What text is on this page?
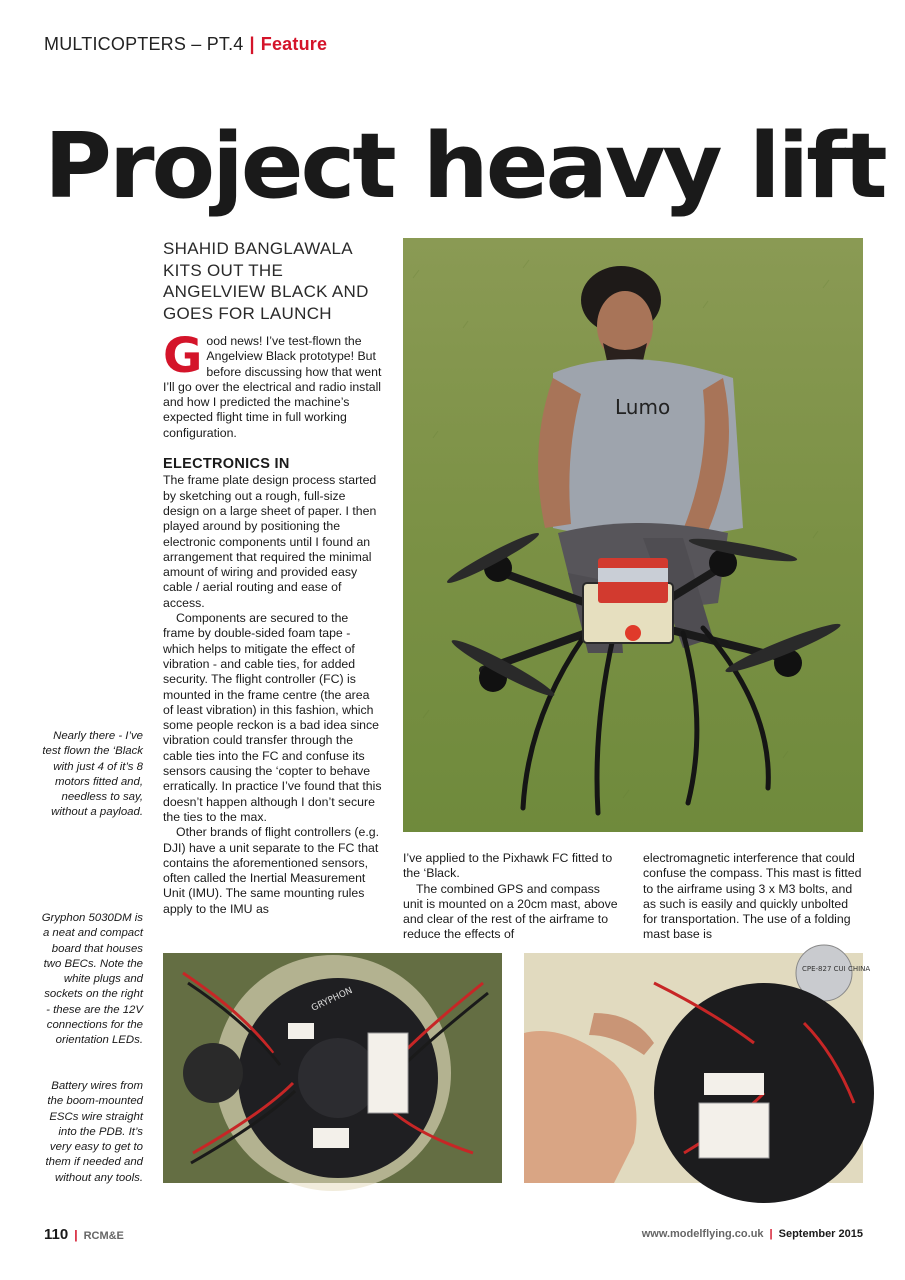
MULTICOPTERS – PT.4 | Feature
Project heavy lift
SHAHID BANGLAWALA KITS OUT THE ANGELVIEW BLACK AND GOES FOR LAUNCH
Lumo

Good news! I’ve test-flown the Angelview Black prototype! But before discussing how that went I’ll go over the electrical and radio install and how I predicted the machine’s expected flight time in full working configuration.

ELECTRONICS IN

The frame plate design process started by sketching out a rough, full-size design on a large sheet of paper. I then played around by positioning the electronic components until I found an arrangement that required the minimal amount of wiring and provided easy cable / aerial routing and ease of access.

Components are secured to the frame by double-sided foam tape - which helps to mitigate the effect of vibration - and cable ties, for added security. The flight controller (FC) is mounted in the frame centre (the area of least vibration) in this fashion, which some people reckon is a bad idea since vibration could transfer through the cable ties into the FC and confuse its sensors causing the ‘copter to behave erratically. In practice I’ve found that this doesn’t happen although I don’t secure the ties to the max.

Other brands of flight controllers (e.g. DJI) have a unit separate to the FC that contains the aforementioned sensors, often called the Inertial Measurement Unit (IMU). The same mounting rules apply to the IMU as

I’ve applied to the Pixhawk FC fitted to the ‘Black.

The combined GPS and compass unit is mounted on a 20cm mast, above and clear of the rest of the airframe to reduce the effects of

electromagnetic interference that could confuse the compass. This mast is fitted to the airframe using 3 x M3 bolts, and as such is easily and quickly unbolted for transportation. The use of a folding mast base is

Nearly there - I’ve test flown the ‘Black with just 4 of it’s 8 motors fitted and, needless to say, without a payload.
Gryphon 5030DM is a neat and compact board that houses two BECs. Note the white plugs and sockets on the right - these are the 12V connections for the orientation LEDs.
Battery wires from the boom-mounted ESCs wire straight into the PDB. It’s very easy to get to them if needed and without any tools.
GRYPHON
CPE-827 CUI CHINA
110 | RCM&E	www.modelflying.co.uk | September 2015
